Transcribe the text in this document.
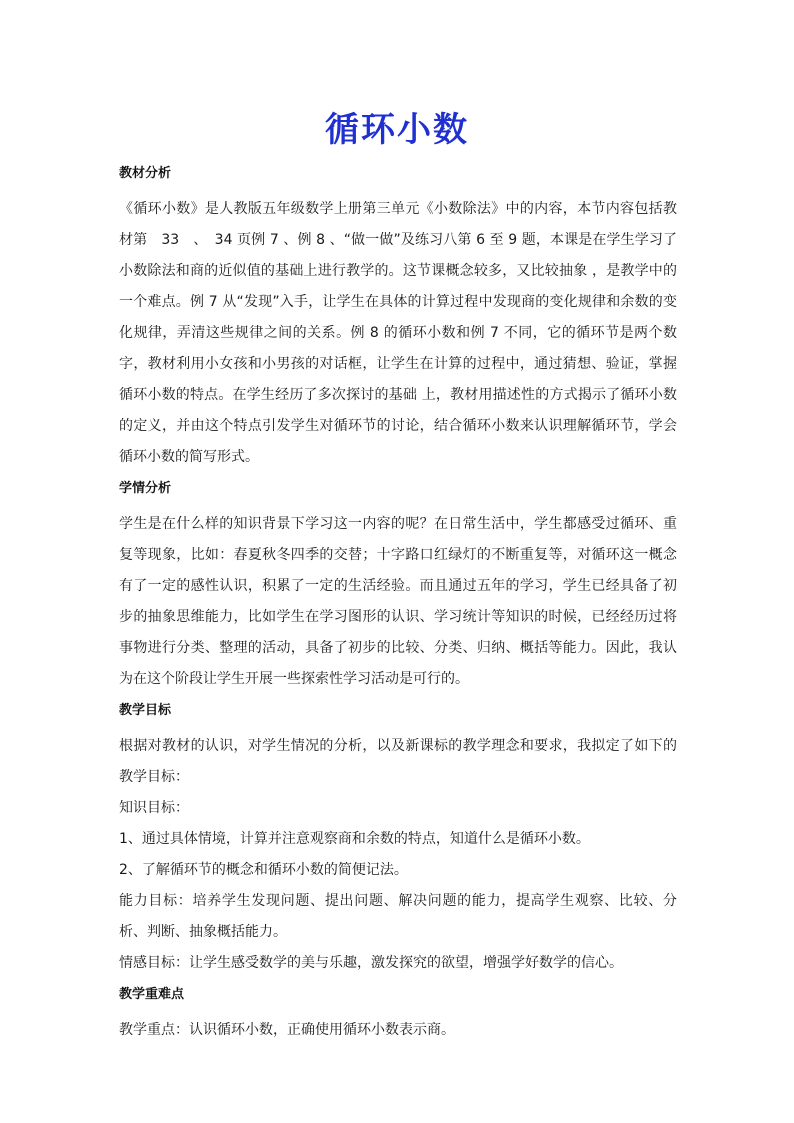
循环小数
教材分析

《循环小数》是人教版五年级数学上册第三单元《小数除法》中的内容，本节内容包括教材第　33　、　34 页例 7 、例 8 、“做一做”及练习八第 6 至 9 题，本课是在学生学习了小数除法和商的近似值的基础上进行教学的。这节课概念较多，又比较抽象 ，是教学中的一个难点。例 7 从“发现”入手，让学生在具体的计算过程中发现商的变化规律和余数的变化规律，弄清这些规律之间的关系。例 8 的循环小数和例 7 不同，它的循环节是两个数字，教材利用小女孩和小男孩的对话框，让学生在计算的过程中，通过猜想、验证，掌握循环小数的特点。在学生经历了多次探讨的基础 上，教材用描述性的方式揭示了循环小数的定义，并由这个特点引发学生对循环节的讨论，结合循环小数来认识理解循环节，学会循环小数的简写形式。

学情分析

学生是在什么样的知识背景下学习这一内容的呢？在日常生活中，学生都感受过循环、重复等现象，比如：春夏秋冬四季的交替；十字路口红绿灯的不断重复等，对循环这一概念有了一定的感性认识，积累了一定的生活经验。而且通过五年的学习，学生已经具备了初步的抽象思维能力，比如学生在学习图形的认识、学习统计等知识的时候，已经经历过将事物进行分类、整理的活动，具备了初步的比较、分类、归纳、概括等能力。因此，我认为在这个阶段让学生开展一些探索性学习活动是可行的。

教学目标

根据对教材的认识，对学生情况的分析，以及新课标的教学理念和要求，我拟定了如下的教学目标：

知识目标：

1、通过具体情境，计算并注意观察商和余数的特点，知道什么是循环小数。

2、了解循环节的概念和循环小数的简便记法。

能力目标：培养学生发现问题、提出问题、解决问题的能力，提高学生观察、比较、分析、判断、抽象概括能力。

情感目标：让学生感受数学的美与乐趣，激发探究的欲望，增强学好数学的信心。

教学重难点

教学重点：认识循环小数，正确使用循环小数表示商。
